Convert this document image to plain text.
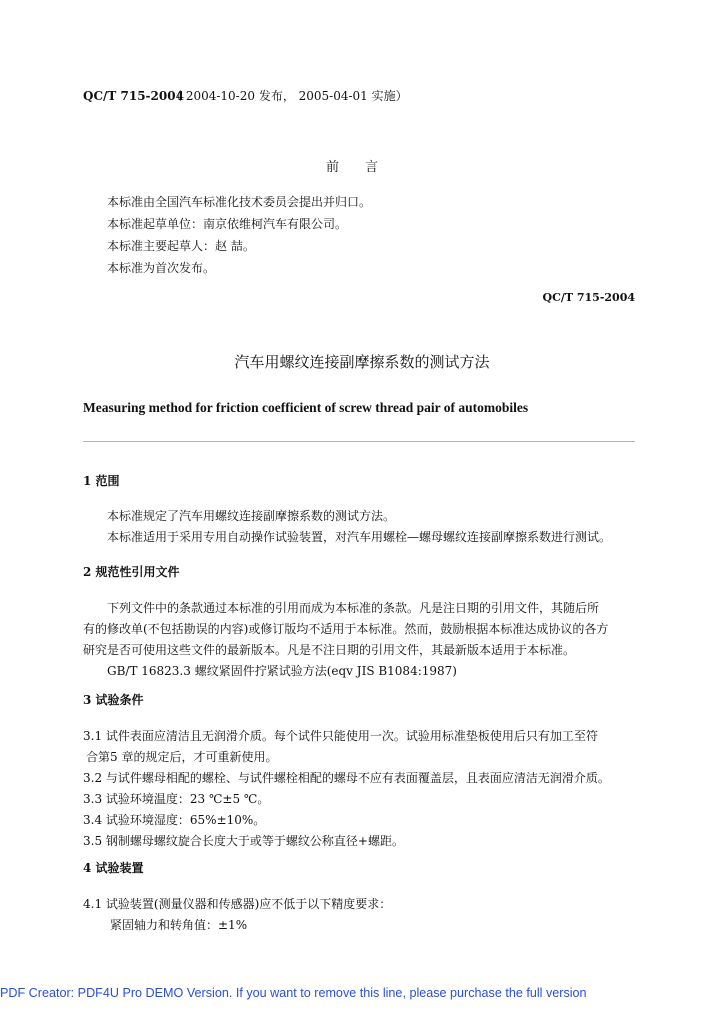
QC/T 715-2004
（ 2004-10-20 发布， 2005-04-01 实施）
前　　言
本标准由全国汽车标准化技术委员会提出并归口。
本标准起草单位：南京依维柯汽车有限公司。
本标准主要起草人：赵 喆。
本标准为首次发布。
QC/T 715-2004
汽车用螺纹连接副摩擦系数的测试方法
Measuring method for friction coefficient of screw thread pair of automobiles
1 范围
本标准规定了汽车用螺纹连接副摩擦系数的测试方法。
本标准适用于采用专用自动操作试验装置，对汽车用螺栓—螺母螺纹连接副摩擦系数进行测试。
2 规范性引用文件
下列文件中的条款通过本标准的引用而成为本标准的条款。凡是注日期的引用文件，其随后所
有的修改单(不包括勘误的内容)或修订版均不适用于本标准。然而，鼓励根据本标准达成协议的各方
研究是否可使用这些文件的最新版本。凡是不注日期的引用文件，其最新版本适用于本标准。
GB/T 16823.3 螺纹紧固件拧紧试验方法(eqv JIS B1084:1987)
3 试验条件
3.1 试件表面应清洁且无润滑介质。每个试件只能使用一次。试验用标准垫板使用后只有加工至符
合第5 章的规定后，才可重新使用。
3.2 与试件螺母相配的螺栓、与试件螺栓相配的螺母不应有表面覆盖层，且表面应清洁无润滑介质。
3.3 试验环境温度：23 ℃±5 ℃。
3.4 试验环境湿度：65%±10%。
3.5 钢制螺母螺纹旋合长度大于或等于螺纹公称直径+螺距。
4 试验装置
4.1 试验装置(测量仪器和传感器)应不低于以下精度要求：
紧固轴力和转角值：±1%
PDF Creator: PDF4U Pro DEMO Version. If you want to remove this line, please purchase the full version
